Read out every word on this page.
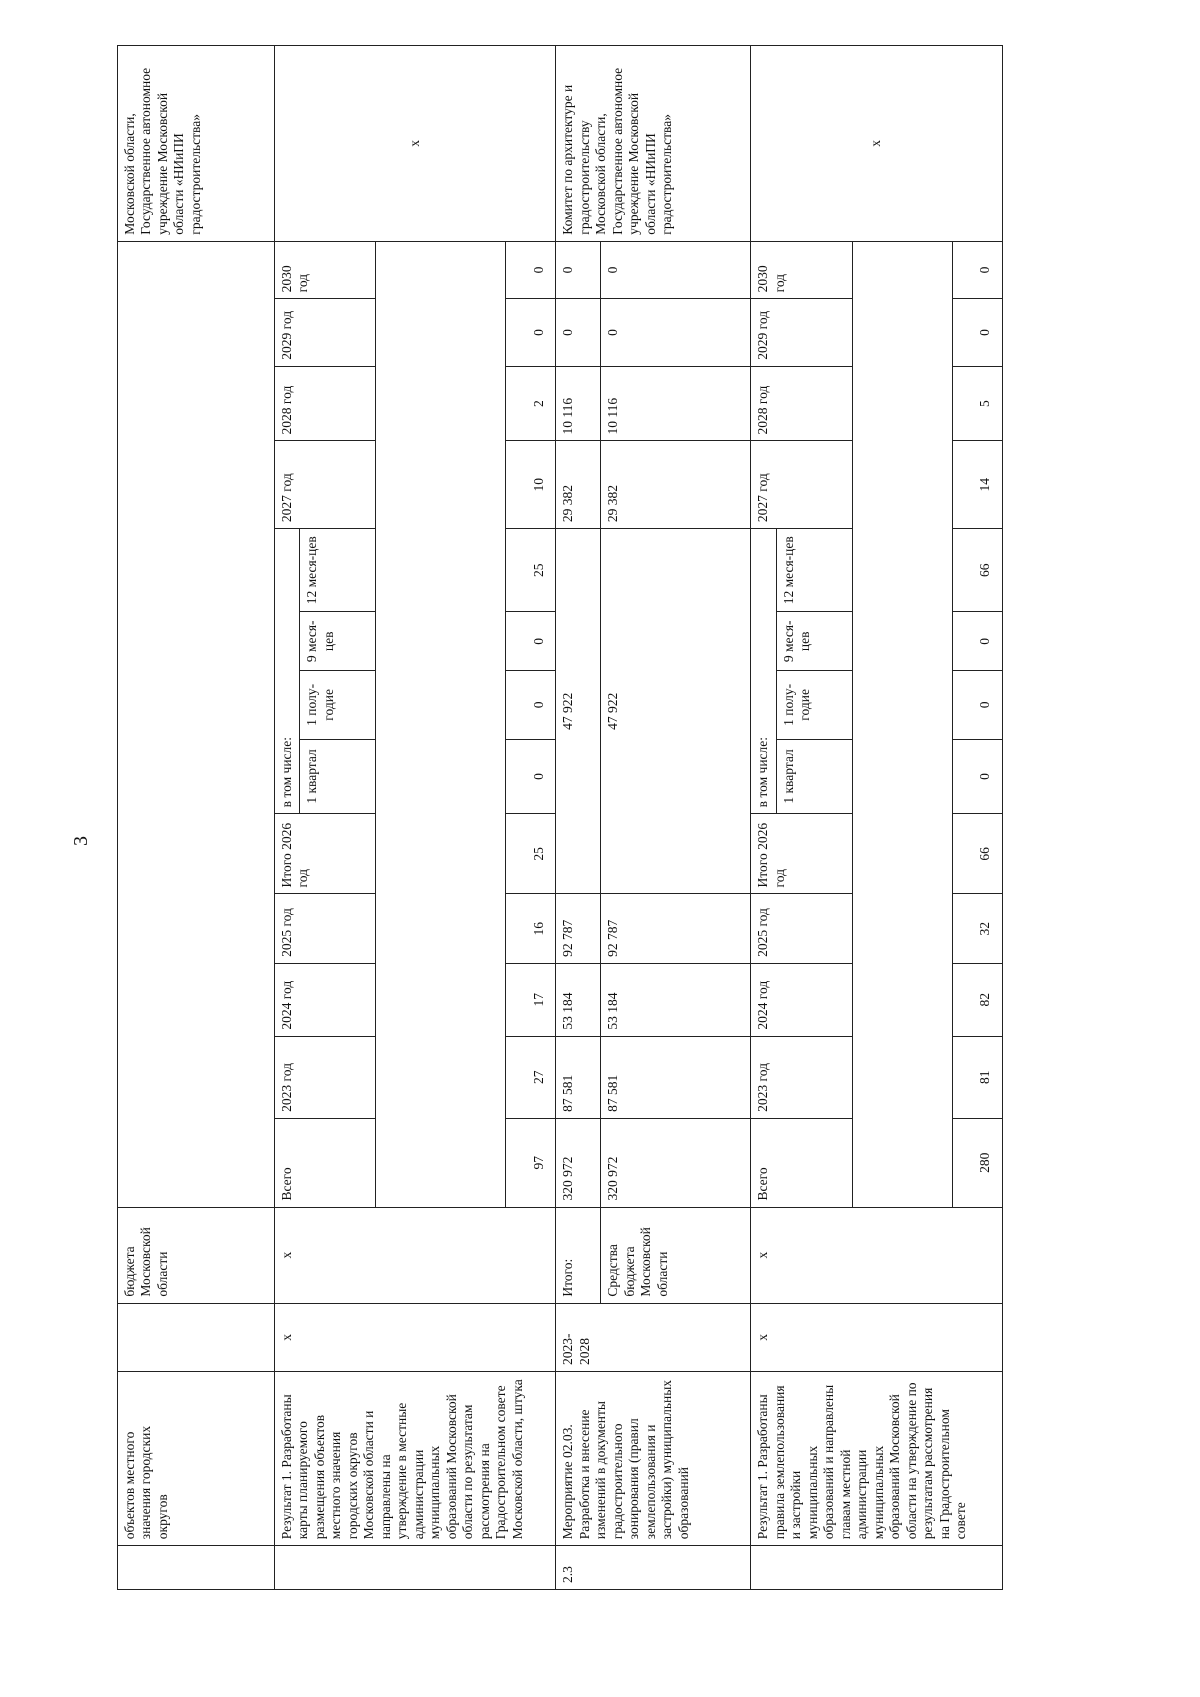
3
	объектов местного значения городских округов		бюджета Московской области														Московской области, Государственное автономное учреждение Московской области «НИиПИ градостроительства»
	Результат 1. Разработаны карты планируемого размещения объектов местного значения городских округов Московской области и направлены на утверждение в местные администрации муниципальных образований Московской области по результатам рассмотрения на Градостроительном совете Московской области, штука	х	х	Всего	2023 год	2024 год	2025 год	Итого 2026 год	в том числе:				2027 год	2028 год	2029 год	2030 год	х
									1 квартал	1 полу-годие	9 меся-цев	12 меся-цев					

				97	27	17	16	25	0	0	0	25	10	2	0	0	
2.3	Мероприятие 02.03. Разработка и внесение изменений в документы градостроительного зонирования (правил землепользования и застройки) муниципальных образований	2023-2028	Итого:	320 972	87 581	53 184	92 787	47 922					29 382	10 116	0	0	Комитет по архитектуре и градостроительству Московской области, Государственное автономное учреждение Московской области «НИиПИ градостроительства»
			Средства бюджета Московской области	320 972	87 581	53 184	92 787	47 922					29 382	10 116	0	0	
	Результат 1. Разработаны правила землепользования и застройки муниципальных образований и направлены главам местной администрации муниципальных образований Московской области на утверждение по результатам рассмотрения на Градостроительном совете	х	х	Всего	2023 год	2024 год	2025 год	Итого 2026 год	в том числе:				2027 год	2028 год	2029 год	2030 год	х
									1 квартал	1 полу-годие	9 меся-цев	12 меся-цев					

				280	81	82	32	66	0	0	0	66	14	5	0	0	
